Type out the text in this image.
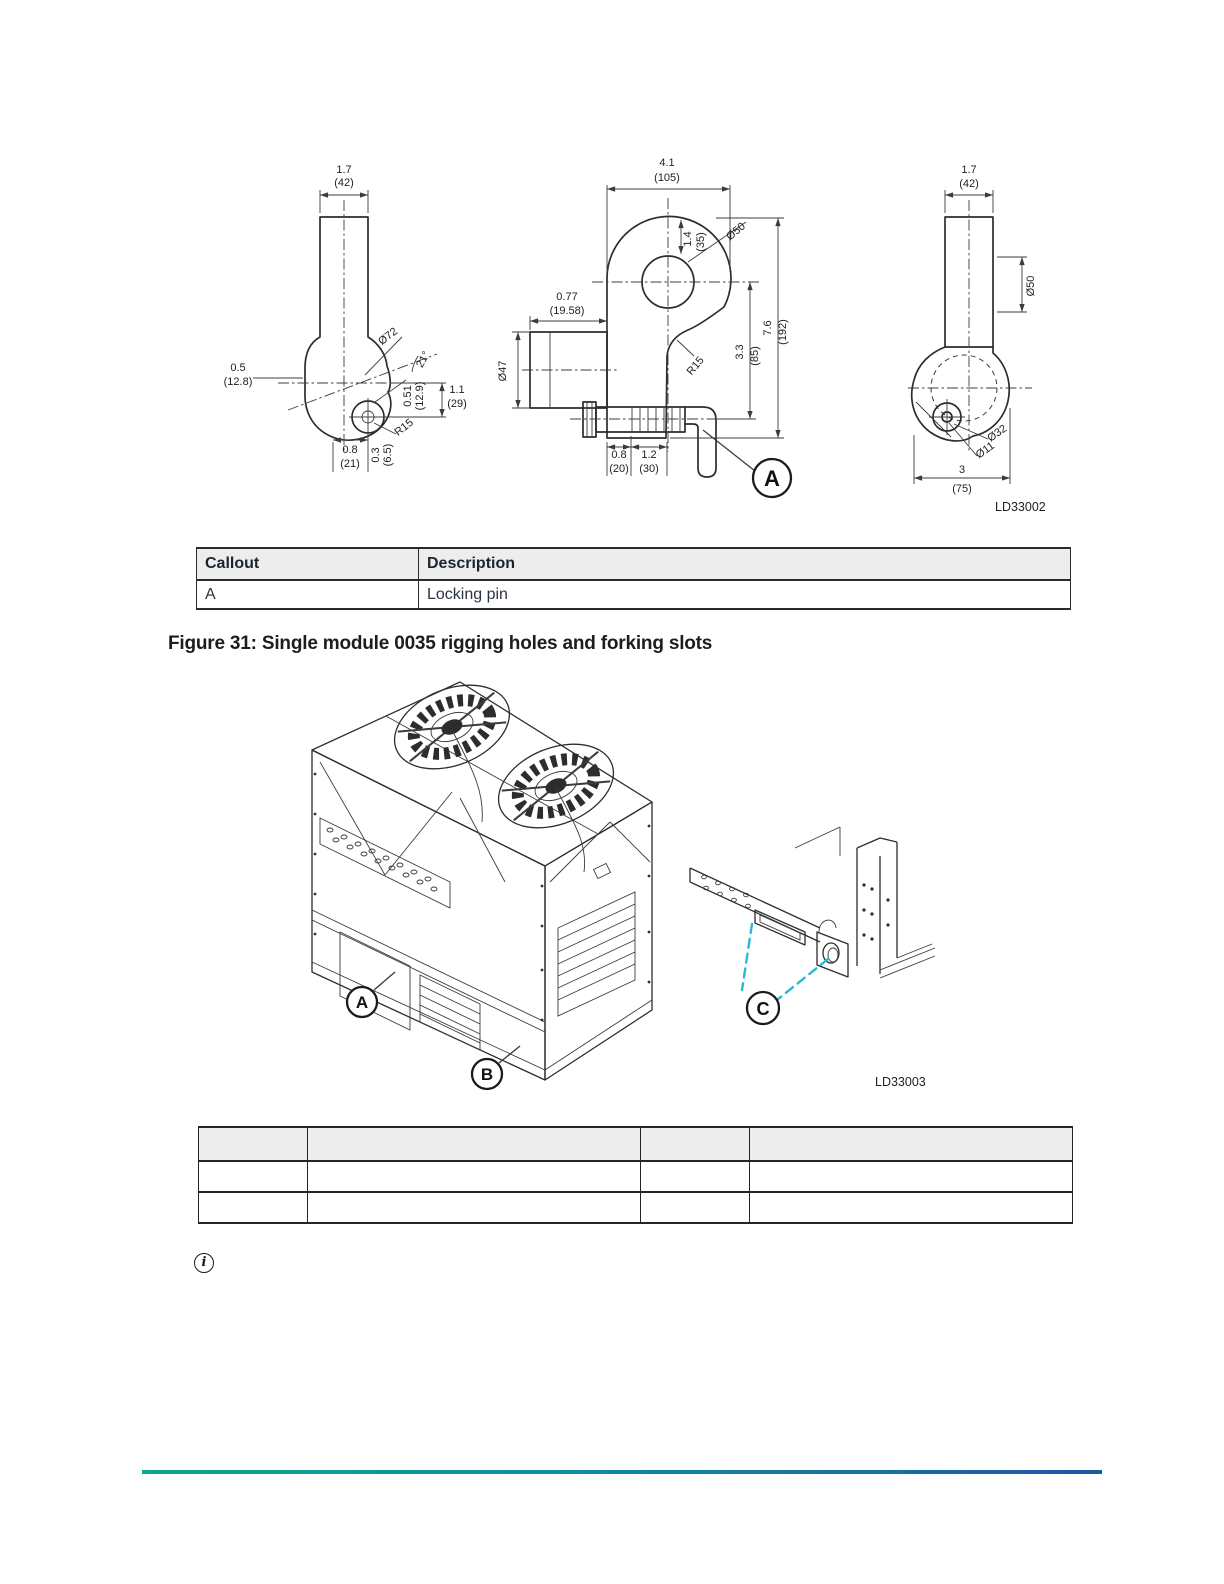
1.7
(42)
0.5
(12.8)
Ø72
21°
0.51 (12.9) 1.1
(29)
R15
0.8
(21)
0.3 (6.5)
4.1
(105)
1.4 (35) Ø50
0.77
(19.58)
Ø47
7.6 (192)
3.3 (85)
R15
0.8
(20)
1.2
(30)	A
1.7
(42)
Ø50
Ø32
Ø11
3
(75)
LD33002
Callout	Description
A	Locking pin
Figure 31: Single module 0035 rigging holes and forking slots
A
B
C
LD33003

i
